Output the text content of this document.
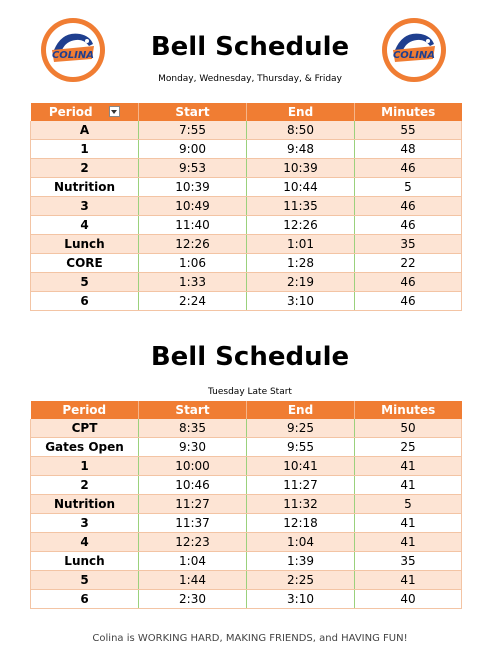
COLINA	COLINA
Bell Schedule
Monday, Wednesday, Thursday, & Friday
Period	Start	End	Minutes
A	7:55	8:50	55
1	9:00	9:48	48
2	9:53	10:39	46
Nutrition	10:39	10:44	5
3	10:49	11:35	46
4	11:40	12:26	46
Lunch	12:26	1:01	35
CORE	1:06	1:28	22
5	1:33	2:19	46
6	2:24	3:10	46
Bell Schedule
Tuesday Late Start
Period	Start	End	Minutes
CPT	8:35	9:25	50
Gates Open	9:30	9:55	25
1	10:00	10:41	41
2	10:46	11:27	41
Nutrition	11:27	11:32	5
3	11:37	12:18	41
4	12:23	1:04	41
Lunch	1:04	1:39	35
5	1:44	2:25	41
6	2:30	3:10	40
Colina is WORKING HARD, MAKING FRIENDS, and HAVING FUN!
